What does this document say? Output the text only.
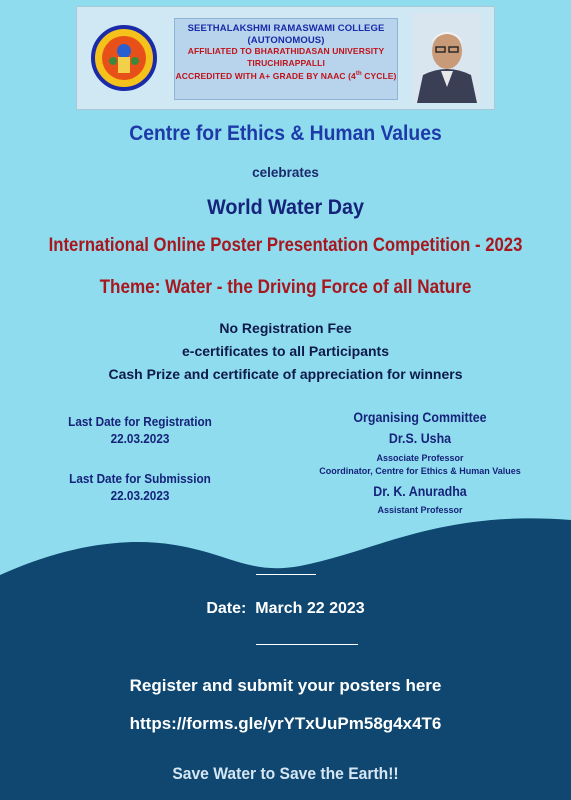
SEETHALAKSHMI RAMASWAMI COLLEGE
(AUTONOMOUS)
AFFILIATED TO BHARATHIDASAN UNIVERSITY
TIRUCHIRAPPALLI
ACCREDITED WITH A+ GRADE BY NAAC (4th CYCLE)
Centre for Ethics & Human Values
celebrates
World Water Day
International Online Poster Presentation Competition - 2023
Theme: Water - the Driving Force of all Nature
No Registration Fee
e-certificates to all Participants
Cash Prize and certificate of appreciation for winners
Last Date for Registration
22.03.2023
Last Date for Submission
22.03.2023
Organising Committee
Dr.S. Usha
Associate Professor
Coordinator, Centre for Ethics & Human Values
Dr. K. Anuradha
Assistant Professor
Date: March 22 2023
Register and submit your posters here
https://forms.gle/yrYTxUuPm58g4x4T6
Save Water to Save the Earth!!
